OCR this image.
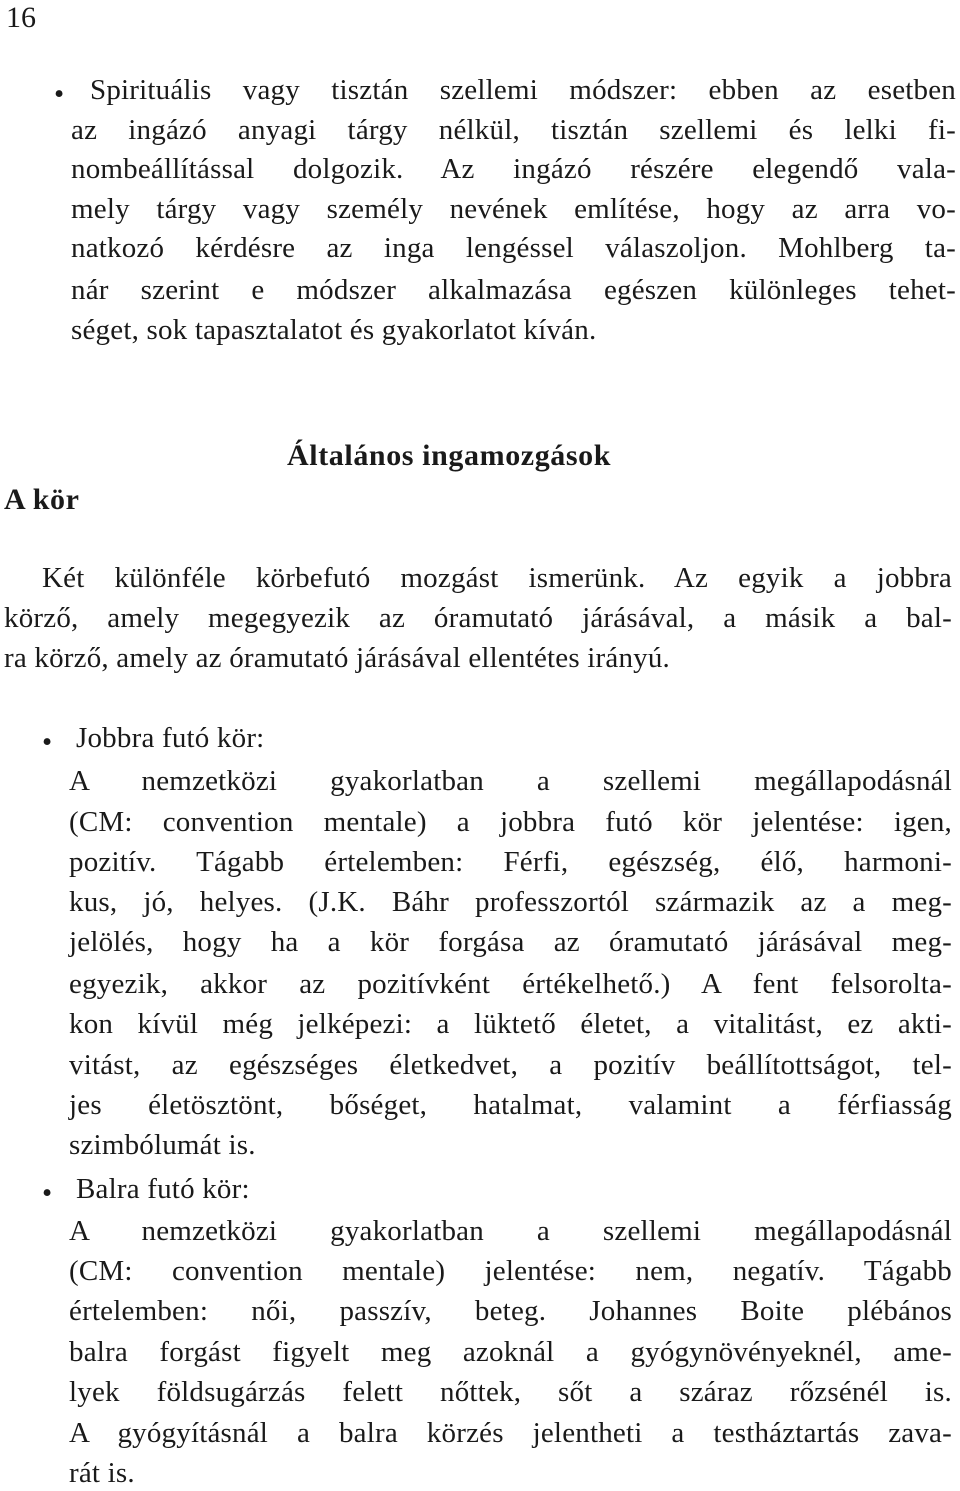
16
• Spirituális vagy tisztán szellemi módszer: ebben az esetben
az ingázó anyagi tárgy nélkül, tisztán szellemi és lelki fi-
nombeállítással dolgozik. Az ingázó részére elegendő vala-
mely tárgy vagy személy nevének említése, hogy az arra vo-
natkozó kérdésre az inga lengéssel válaszoljon. Mohlberg ta-
nár szerint e módszer alkalmazása egészen különleges tehet-
séget, sok tapasztalatot és gyakorlatot kíván.
Általános ingamozgások
A kör
Két különféle körbefutó mozgást ismerünk. Az egyik a jobbra
körző, amely megegyezik az óramutató járásával, a másik a bal-
ra körző, amely az óramutató járásával ellentétes irányú.
• Jobbra futó kör:
A nemzetközi gyakorlatban a szellemi megállapodásnál
(CM: convention mentale) a jobbra futó kör jelentése: igen,
pozitív. Tágabb értelemben: Férfi, egészség, élő, harmoni-
kus, jó, helyes. (J.K. Báhr professzortól származik az a meg-
jelölés, hogy ha a kör forgása az óramutató járásával meg-
egyezik, akkor az pozitívként értékelhető.) A fent felsorolta-
kon kívül még jelképezi: a lüktető életet, a vitalitást, ez akti-
vitást, az egészséges életkedvet, a pozitív beállítottságot, tel-
jes életösztönt, bőséget, hatalmat, valamint a férfiasság
szimbólumát is.
• Balra futó kör:
A nemzetközi gyakorlatban a szellemi megállapodásnál
(CM: convention mentale) jelentése: nem, negatív. Tágabb
értelemben: női, passzív, beteg. Johannes Boite plébános
balra forgást figyelt meg azoknál a gyógynövényeknél, ame-
lyek földsugárzás felett nőttek, sőt a száraz rőzsénél is.
A gyógyításnál a balra körzés jelentheti a testháztartás zava-
rát is.
